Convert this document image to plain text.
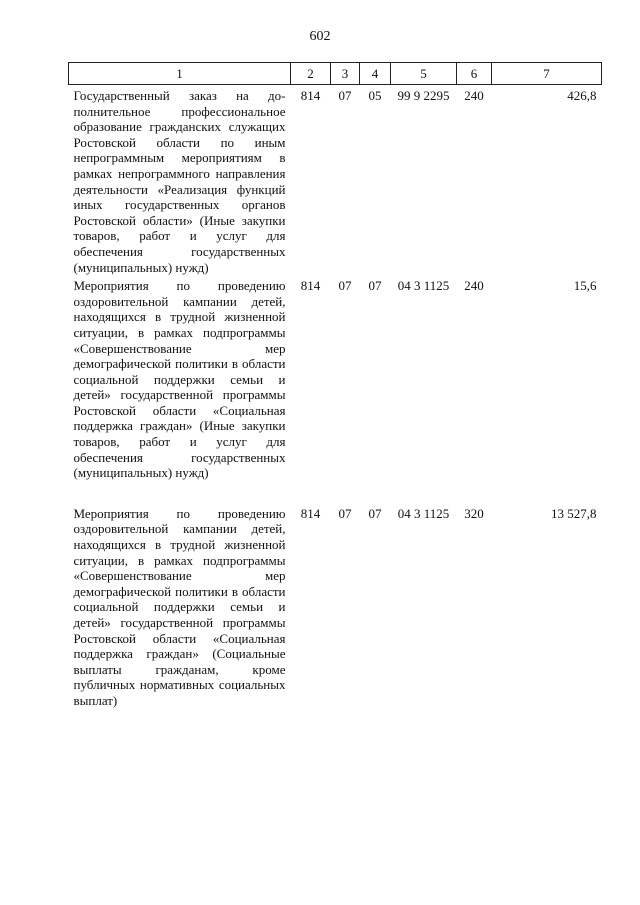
602
1	2	3	4	5	6	7
Государственный заказ на дополнительное профессиональное образование гражданских служащих Ростовской области по иным непрограммным мероприятиям в рамках непрограммного направления деятельности «Реализация функций иных государственных органов Ростовской области» (Иные закупки товаров, работ и услуг для обеспечения государственных (муниципальных) нужд)	814	07	05	99 9 2295	240	426,8
Мероприятия по проведению оздоровительной кампании детей, находящихся в трудной жизненной ситуации, в рамках подпрограммы «Совершенствование мер демографической политики в области социальной поддержки семьи и детей» государственной программы Ростовской области «Социальная поддержка граждан» (Иные закупки товаров, работ и услуг для обеспечения государственных (муниципальных) нужд)	814	07	07	04 3 1125	240	15,6

Мероприятия по проведению оздоровительной кампании детей, находящихся в трудной жизненной ситуации, в рамках подпрограммы «Совершенствование мер демографической политики в области социальной поддержки семьи и детей» государственной программы Ростовской области «Социальная поддержка граждан» (Социальные выплаты гражданам, кроме публичных нормативных социальных выплат)	814	07	07	04 3 1125	320	13 527,8
